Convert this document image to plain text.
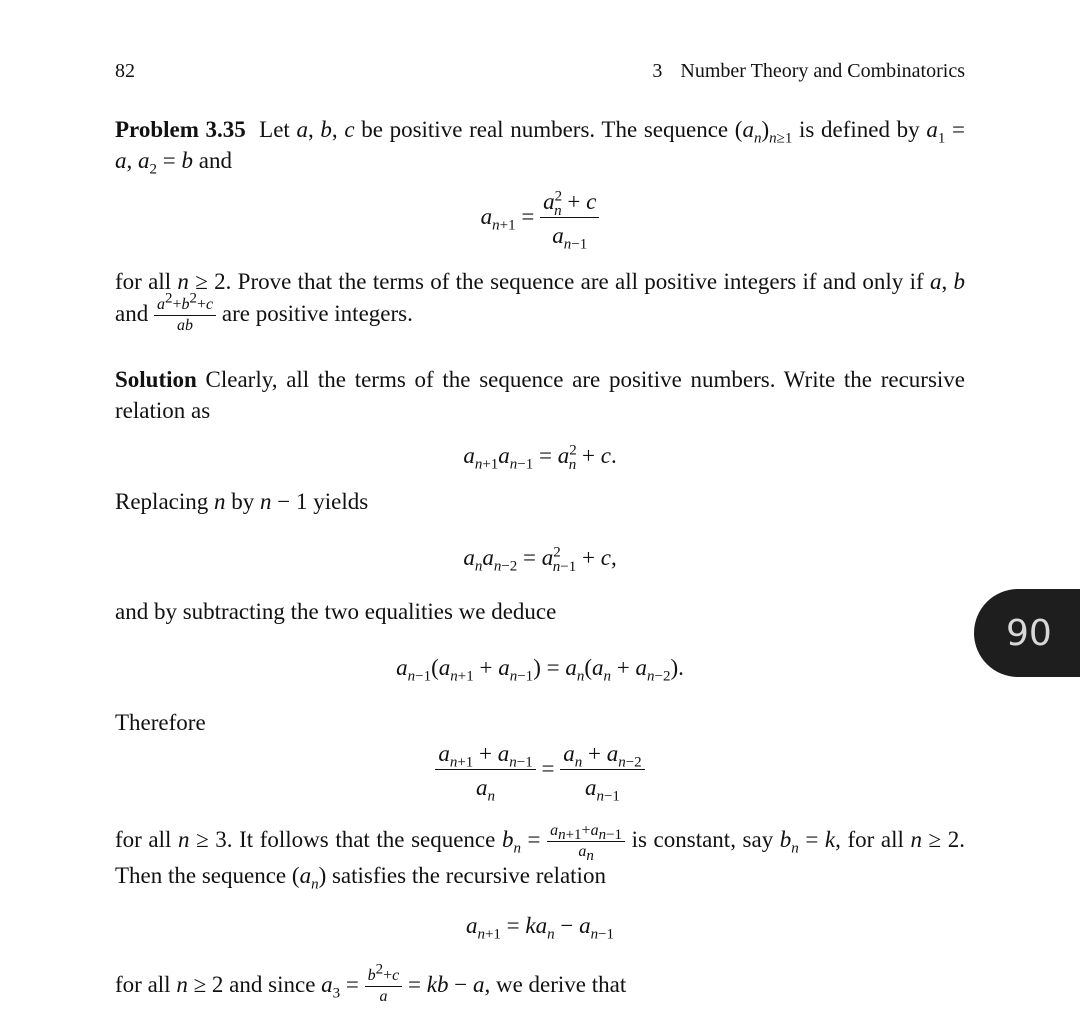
82	3 Number Theory and Combinatorics
Problem 3.35  Let a, b, c be positive real numbers. The sequence $(a_n)_{n\ge 1}$ is defined by $a_1 = a$, $a_2 = b$ and
$a_{n+1} = \frac{a^2_n + c}{a_{n-1}}$
for all n ≥ 2. Prove that the terms of the sequence are all positive integers if and only if a, b and $\frac{a^2+b^2+c}{ab}$ are positive integers.
Solution Clearly, all the terms of the sequence are positive numbers. Write the recursive relation as
$a_{n+1}a_{n-1} = a^2_n + c$.
Replacing n by n − 1 yields
$a_na_{n-2} = a^2_{n-1} + c$,
and by subtracting the two equalities we deduce
$a_{n-1}(a_{n+1} + a_{n-1}) = a_n(a_n + a_{n-2})$.
Therefore
$\frac{a_{n+1} + a_{n-1}}{a_n} = \frac{a_n + a_{n-2}}{a_{n-1}}$
for all n ≥ 3. It follows that the sequence $b_n = \frac{a_{n+1}+a_{n-1}}{a_n}$ is constant, say $b_n = k$, for all n ≥ 2. Then the sequence $(a_n)$ satisfies the recursive relation
$a_{n+1} = ka_n - a_{n-1}$
for all n ≥ 2 and since $a_3 = \frac{b^2+c}{a}$ = kb − a, we derive that
90
